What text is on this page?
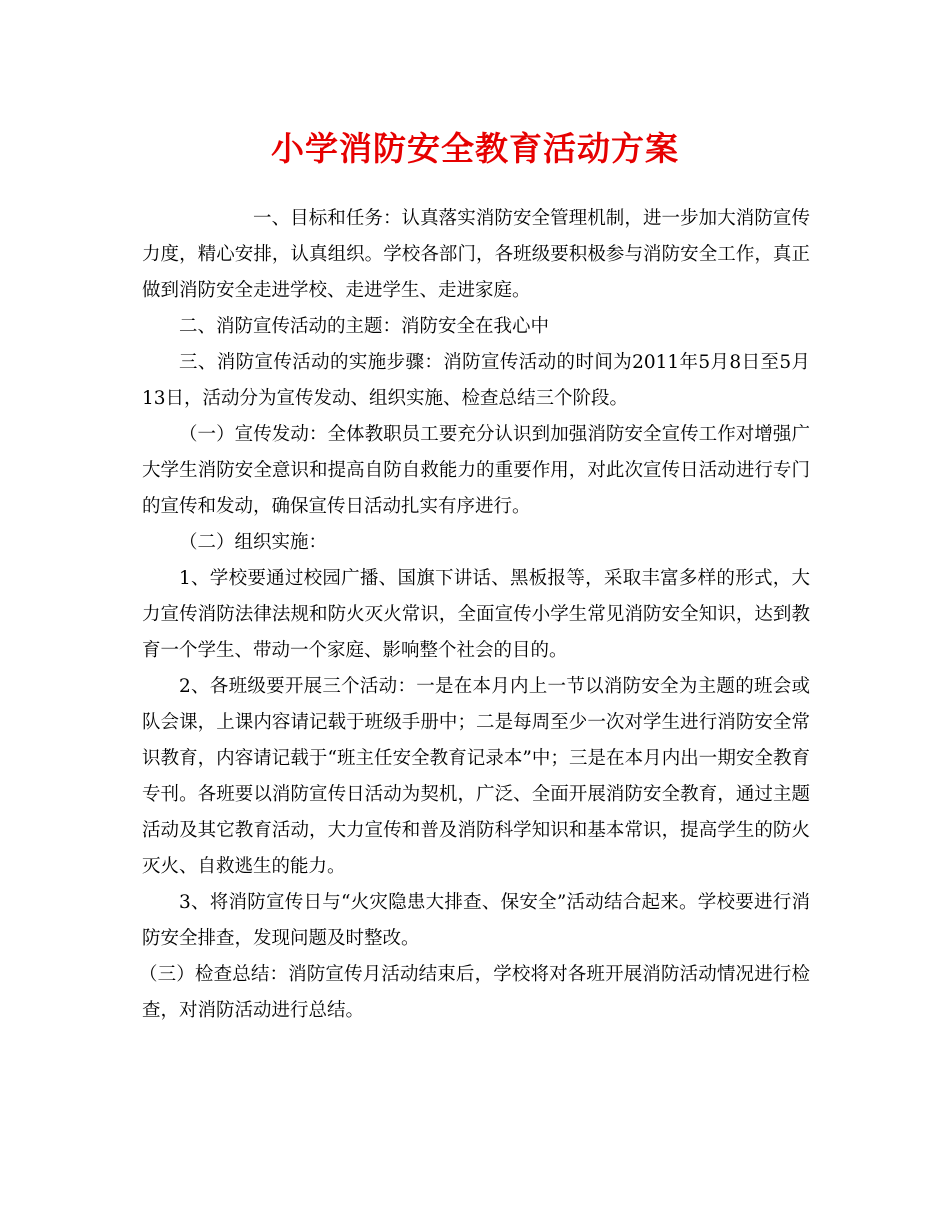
小学消防安全教育活动方案

一、目标和任务：认真落实消防安全管理机制，进一步加大消防宣传力度，精心安排，认真组织。学校各部门，各班级要积极参与消防安全工作，真正做到消防安全走进学校、走进学生、走进家庭。

二、消防宣传活动的主题：消防安全在我心中

三、消防宣传活动的实施步骤：消防宣传活动的时间为2011年5月8日至5月13日，活动分为宣传发动、组织实施、检查总结三个阶段。

（一）宣传发动：全体教职员工要充分认识到加强消防安全宣传工作对增强广大学生消防安全意识和提高自防自救能力的重要作用，对此次宣传日活动进行专门的宣传和发动，确保宣传日活动扎实有序进行。

（二）组织实施：

1、学校要通过校园广播、国旗下讲话、黑板报等，采取丰富多样的形式，大力宣传消防法律法规和防火灭火常识，全面宣传小学生常见消防安全知识，达到教育一个学生、带动一个家庭、影响整个社会的目的。

2、各班级要开展三个活动：一是在本月内上一节以消防安全为主题的班会或队会课，上课内容请记载于班级手册中；二是每周至少一次对学生进行消防安全常识教育，内容请记载于“班主任安全教育记录本”中；三是在本月内出一期安全教育专刊。各班要以消防宣传日活动为契机，广泛、全面开展消防安全教育，通过主题活动及其它教育活动，大力宣传和普及消防科学知识和基本常识，提高学生的防火灭火、自救逃生的能力。

3、将消防宣传日与“火灾隐患大排查、保安全”活动结合起来。学校要进行消防安全排查，发现问题及时整改。

（三）检查总结：消防宣传月活动结束后，学校将对各班开展消防活动情况进行检查，对消防活动进行总结。
